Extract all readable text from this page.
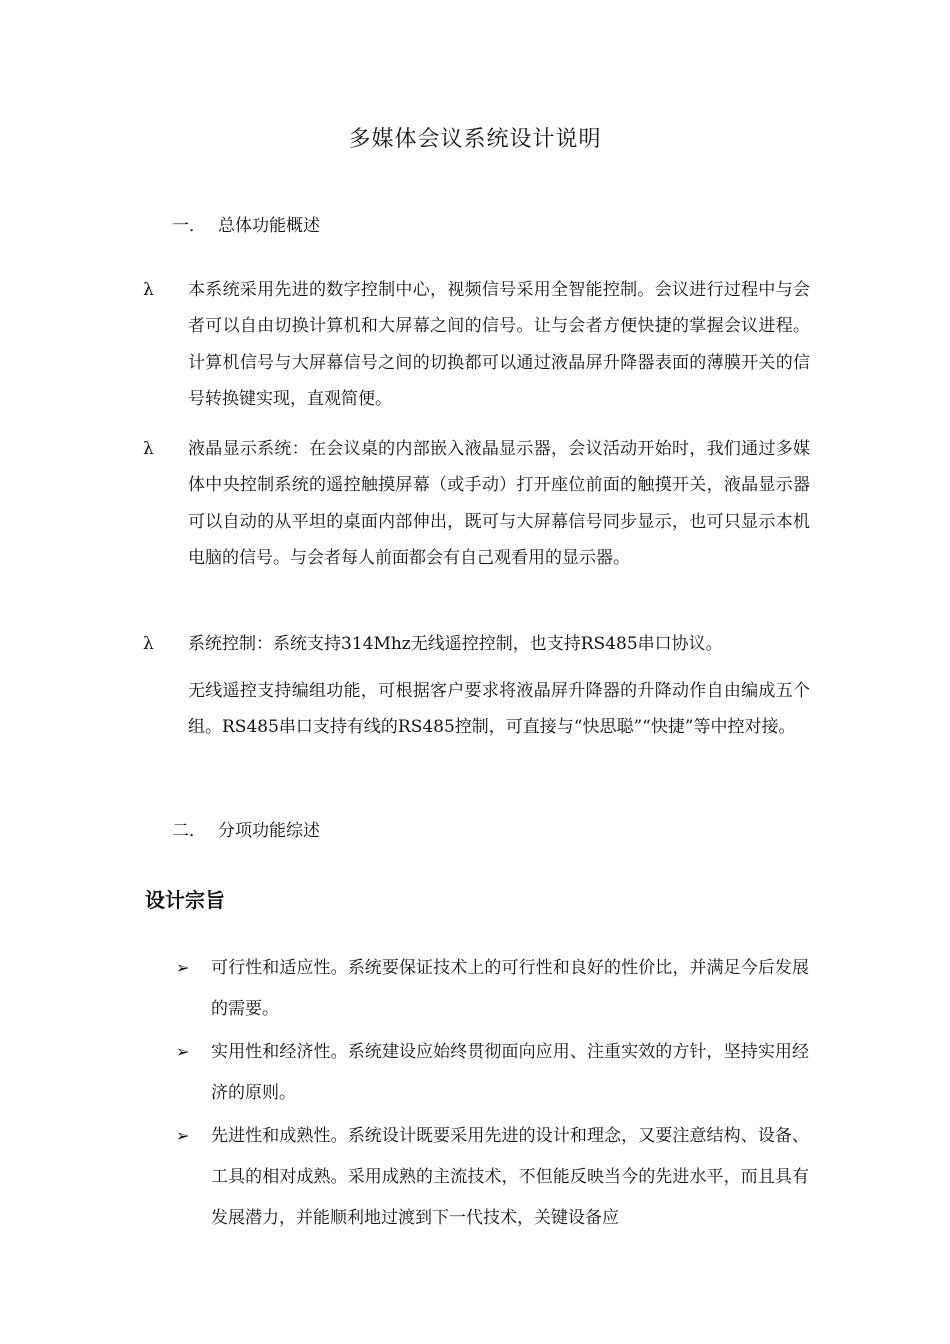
多媒体会议系统设计说明
一． 总体功能概述
λ	本系统采用先进的数字控制中心，视频信号采用全智能控制。会议进行过程中与会者可以自由切换计算机和大屏幕之间的信号。让与会者方便快捷的掌握会议进程。计算机信号与大屏幕信号之间的切换都可以通过液晶屏升降器表面的薄膜开关的信号转换键实现，直观简便。

λ	液晶显示系统：在会议桌的内部嵌入液晶显示器，会议活动开始时，我们通过多媒体中央控制系统的遥控触摸屏幕（或手动）打开座位前面的触摸开关，液晶显示器可以自动的从平坦的桌面内部伸出，既可与大屏幕信号同步显示，也可只显示本机电脑的信号。与会者每人前面都会有自己观看用的显示器。

λ	系统控制：系统支持314Mhz无线遥控控制，也支持RS485串口协议。

无线遥控支持编组功能，可根据客户要求将液晶屏升降器的升降动作自由编成五个组。RS485串口支持有线的RS485控制，可直接与“快思聪”“快捷”等中控对接。

二． 分项功能综述
设计宗旨
➢	可行性和适应性。系统要保证技术上的可行性和良好的性价比，并满足今后发展的需要。

➢	实用性和经济性。系统建设应始终贯彻面向应用、注重实效的方针，坚持实用经济的原则。

➢	先进性和成熟性。系统设计既要采用先进的设计和理念，又要注意结构、设备、工具的相对成熟。采用成熟的主流技术，不但能反映当今的先进水平，而且具有发展潜力，并能顺利地过渡到下一代技术，关键设备应
